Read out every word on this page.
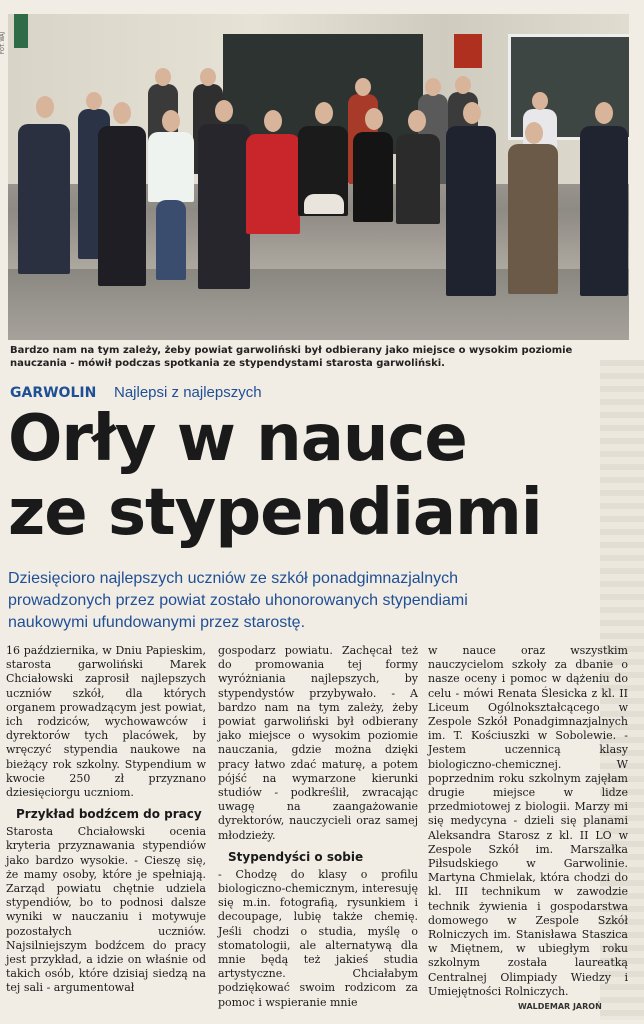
FOT. WAJ
Bardzo nam na tym zależy, żeby powiat garwoliński był odbierany jako miejsce o wysokim poziomie nauczania - mówił podczas spotkania ze stypendystami starosta garwoliński.
GARWOLIN Najlepsi z najlepszych
Orły w nauce
ze stypendiami
Dziesięcioro najlepszych uczniów ze szkół ponadgimnazjalnych prowadzonych przez powiat zostało uhonorowanych stypendiami naukowymi ufundowanymi przez starostę.

16 października, w Dniu Papieskim, starosta garwoliński Marek Chciałowski zaprosił najlepszych uczniów szkół, dla których organem prowadzącym jest powiat, ich rodziców, wychowawców i dyrektorów tych placówek, by wręczyć stypendia naukowe na bieżący rok szkolny. Stypendium w kwocie 250 zł przyznano dziesięciorgu uczniom.

Przykład bodźcem do pracy

Starosta Chciałowski ocenia kryteria przyznawania stypendiów jako bardzo wysokie. - Cieszę się, że mamy osoby, które je spełniają. Zarząd powiatu chętnie udziela stypendiów, bo to podnosi dalsze wyniki w nauczaniu i motywuje pozostałych uczniów. Najsilniejszym bodźcem do pracy jest przykład, a idzie on właśnie od takich osób, które dzisiaj siedzą na tej sali - argumentował

gospodarz powiatu. Zachęcał też do promowania tej formy wyróżniania najlepszych, by stypendystów przybywało. - A bardzo nam na tym zależy, żeby powiat garwoliński był odbierany jako miejsce o wysokim poziomie nauczania, gdzie można dzięki pracy łatwo zdać maturę, a potem pójść na wymarzone kierunki studiów - podkreślił, zwracając uwagę na zaangażowanie dyrektorów, nauczycieli oraz samej młodzieży.

Stypendyści o sobie

- Chodzę do klasy o profilu biologiczno-chemicznym, interesuję się m.in. fotografią, rysunkiem i decoupage, lubię także chemię. Jeśli chodzi o studia, myślę o stomatologii, ale alternatywą dla mnie będą też jakieś studia artystyczne. Chciałabym podziękować swoim rodzicom za pomoc i wspieranie mnie

w nauce oraz wszystkim nauczycielom szkoły za dbanie o nasze oceny i pomoc w dążeniu do celu - mówi Renata Ślesicka z kl. II Liceum Ogólnokształcącego w Zespole Szkół Ponadgimnazjalnych im. T. Kościuszki w Sobolewie. - Jestem uczennicą klasy biologiczno-chemicznej. W poprzednim roku szkolnym zajęłam drugie miejsce w lidze przedmiotowej z biologii. Marzy mi się medycyna - dzieli się planami Aleksandra Starosz z kl. II LO w Zespole Szkół im. Marszałka Piłsudskiego w Garwolinie. Martyna Chmielak, która chodzi do kl. III technikum w zawodzie technik żywienia i gospodarstwa domowego w Zespole Szkół Rolniczych im. Stanisława Staszica w Miętnem, w ubiegłym roku szkolnym została laureatką Centralnej Olimpiady Wiedzy i Umiejętności Rolniczych.

WALDEMAR JAROŃ
